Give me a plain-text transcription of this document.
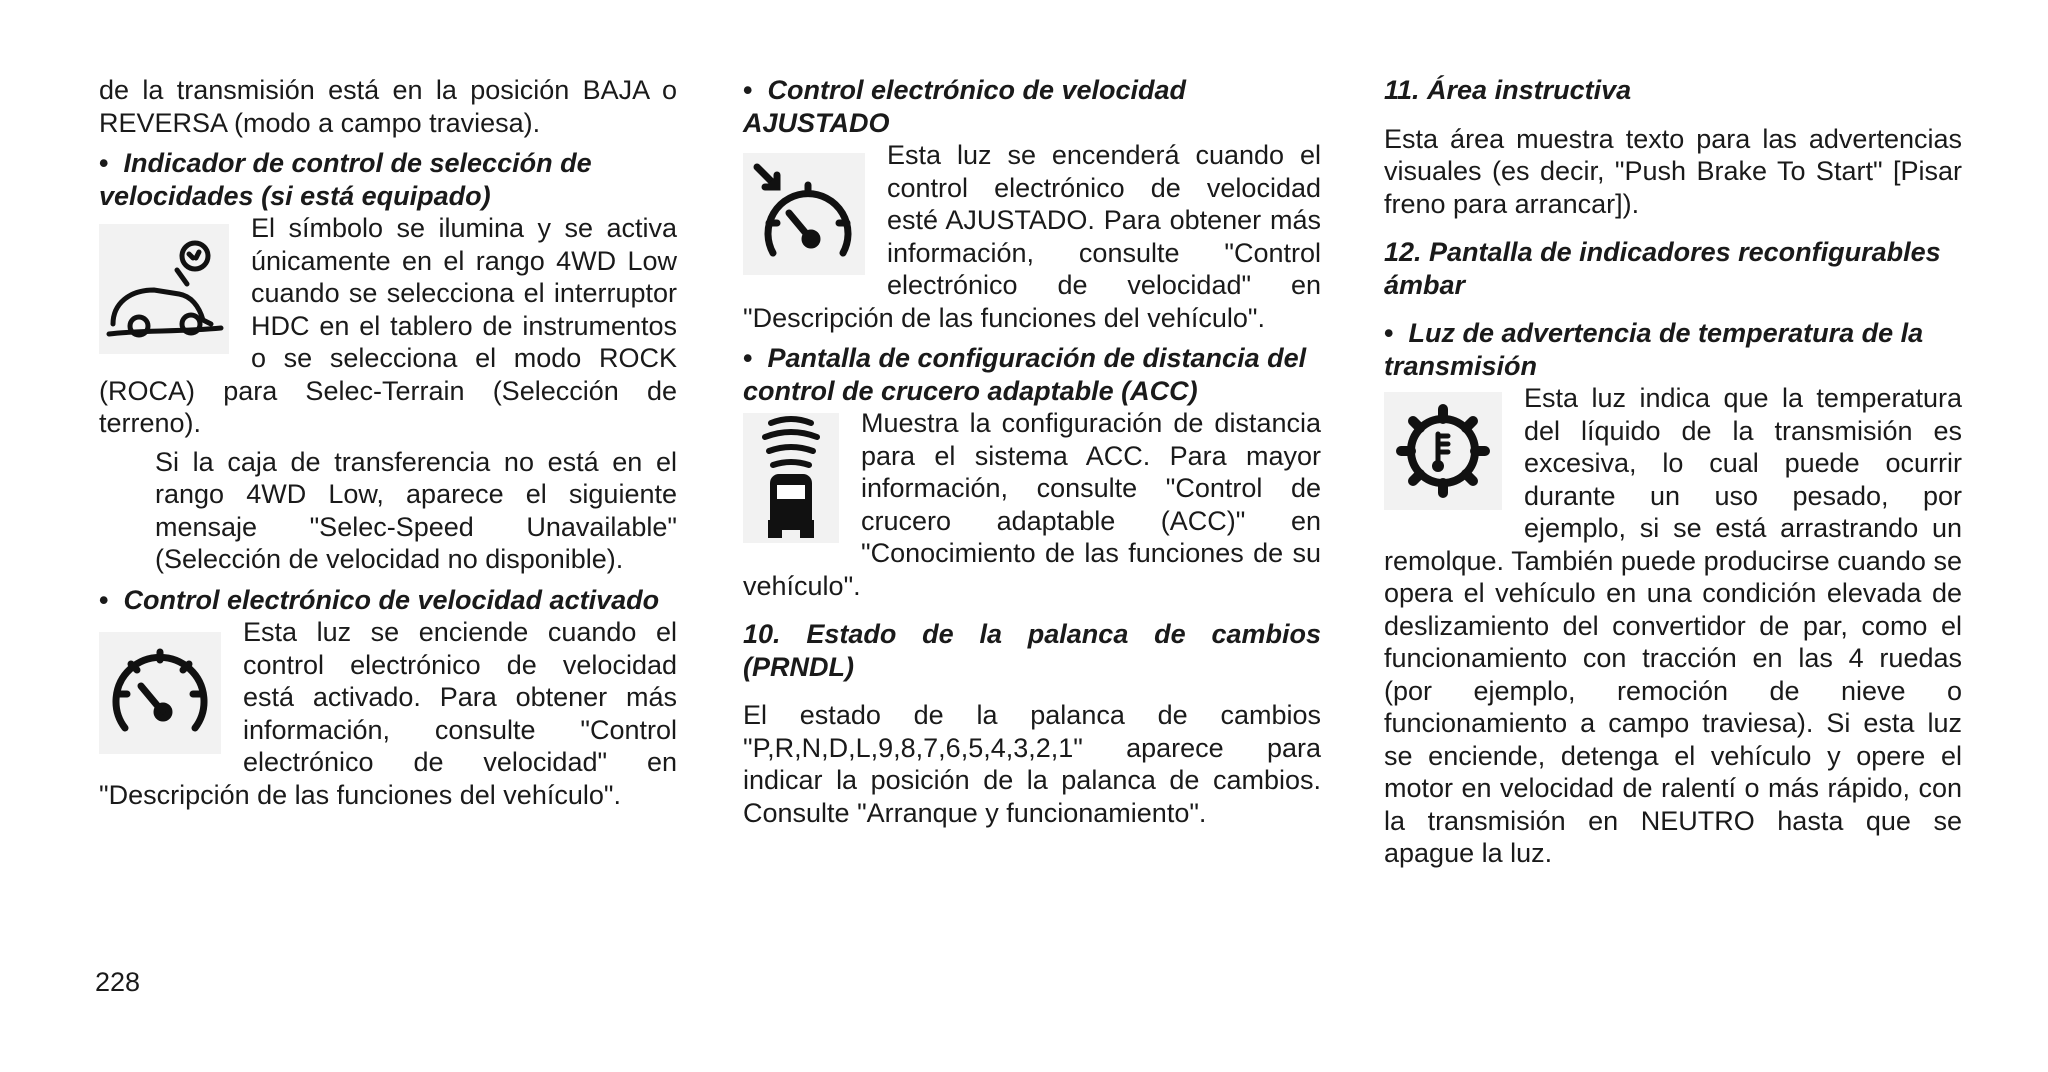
de la transmisión está en la posición BAJA o REVERSA (modo a campo traviesa).

•  Indicador de control de selección de velocidades (si está equipado)

El símbolo se ilumina y se activa únicamente en el rango 4WD Low cuando se selecciona el interruptor HDC en el tablero de instrumentos o se selecciona el modo ROCK (ROCA) para Selec-Terrain (Selección de terreno).

Si la caja de transferencia no está en el rango 4WD Low, aparece el siguiente mensaje "Selec-Speed Unavailable" (Selección de velocidad no disponible).

•  Control electrónico de velocidad activado

Esta luz se enciende cuando el control electrónico de velocidad está activado. Para obtener más información, consulte "Control electrónico de velocidad" en "Descripción de las funciones del vehículo".

•  Control electrónico de velocidad AJUSTADO

Esta luz se encenderá cuando el control electrónico de velocidad esté AJUSTADO. Para obtener más información, consulte "Control electrónico de velocidad" en "Descripción de las funciones del vehículo".

•  Pantalla de configuración de distancia del control de crucero adaptable (ACC)

Muestra la configuración de distancia para el sistema ACC. Para mayor información, consulte "Control de crucero adaptable (ACC)" en "Conocimiento de las funciones de su vehículo".

10. Estado de la palanca de cambios (PRNDL)

El estado de la palanca de cambios "P,R,N,D,L,9,8,7,6,5,4,3,2,1" aparece para indicar la posición de la palanca de cambios. Consulte "Arranque y funcionamiento".

11. Área instructiva

Esta área muestra texto para las advertencias visuales (es decir, "Push Brake To Start" [Pisar freno para arrancar]).

12. Pantalla de indicadores reconfigurables ámbar

•  Luz de advertencia de temperatura de la transmisión

Esta luz indica que la temperatura del líquido de la transmisión es excesiva, lo cual puede ocurrir durante un uso pesado, por ejemplo, si se está arrastrando un remolque. También puede producirse cuando se opera el vehículo en una condición elevada de deslizamiento del convertidor de par, como el funcionamiento con tracción en las 4 ruedas (por ejemplo, remoción de nieve o funcionamiento a campo traviesa). Si esta luz se enciende, detenga el vehículo y opere el motor en velocidad de ralentí o más rápido, con la transmisión en NEUTRO hasta que se apague la luz.

228
